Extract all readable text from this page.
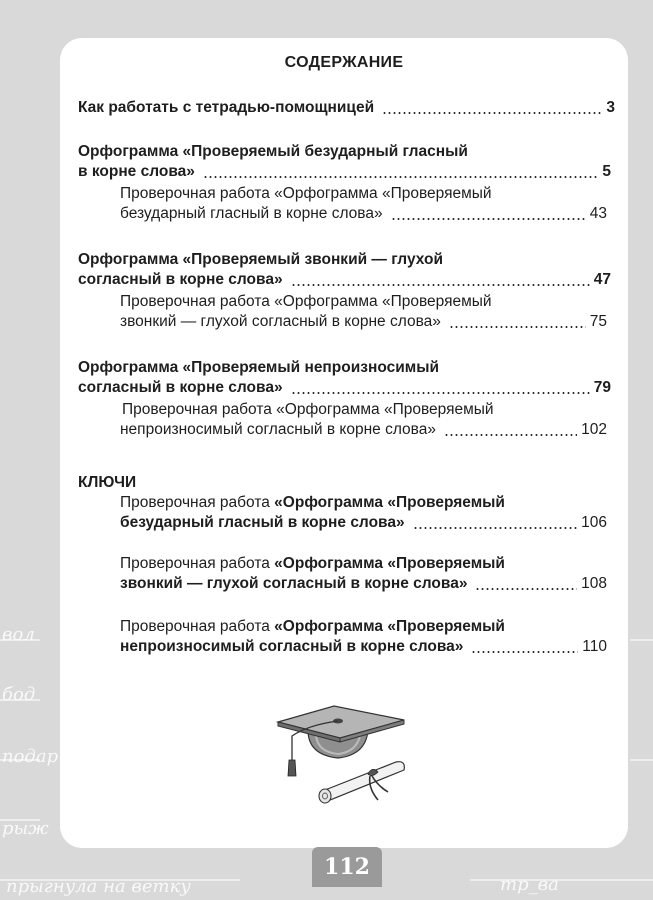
вол
бод
подар
рыж
прыгнула на ветку	тр_ва
СОДЕРЖАНИЕ
Как работать с тетрадью-помощницей	3
Орфограмма «Проверяемый безударный гласный
в корне слова»	5
Проверочная работа «Орфограмма «Проверяемый
безударный гласный в корне слова»	43
Орфограмма «Проверяемый звонкий — глухой
согласный в корне слова»	47
Проверочная работа «Орфограмма «Проверяемый
звонкий — глухой согласный в корне слова»	75
Орфограмма «Проверяемый непроизносимый
согласный в корне слова»	79
Проверочная работа «Орфограмма «Проверяемый
непроизносимый согласный в корне слова»	102
КЛЮЧИ
Проверочная работа «Орфограмма «Проверяемый
безударный гласный в корне слова»	106
Проверочная работа «Орфограмма «Проверяемый
звонкий — глухой согласный в корне слова»	108
Проверочная работа «Орфограмма «Проверяемый
непроизносимый согласный в корне слова»	110
112
